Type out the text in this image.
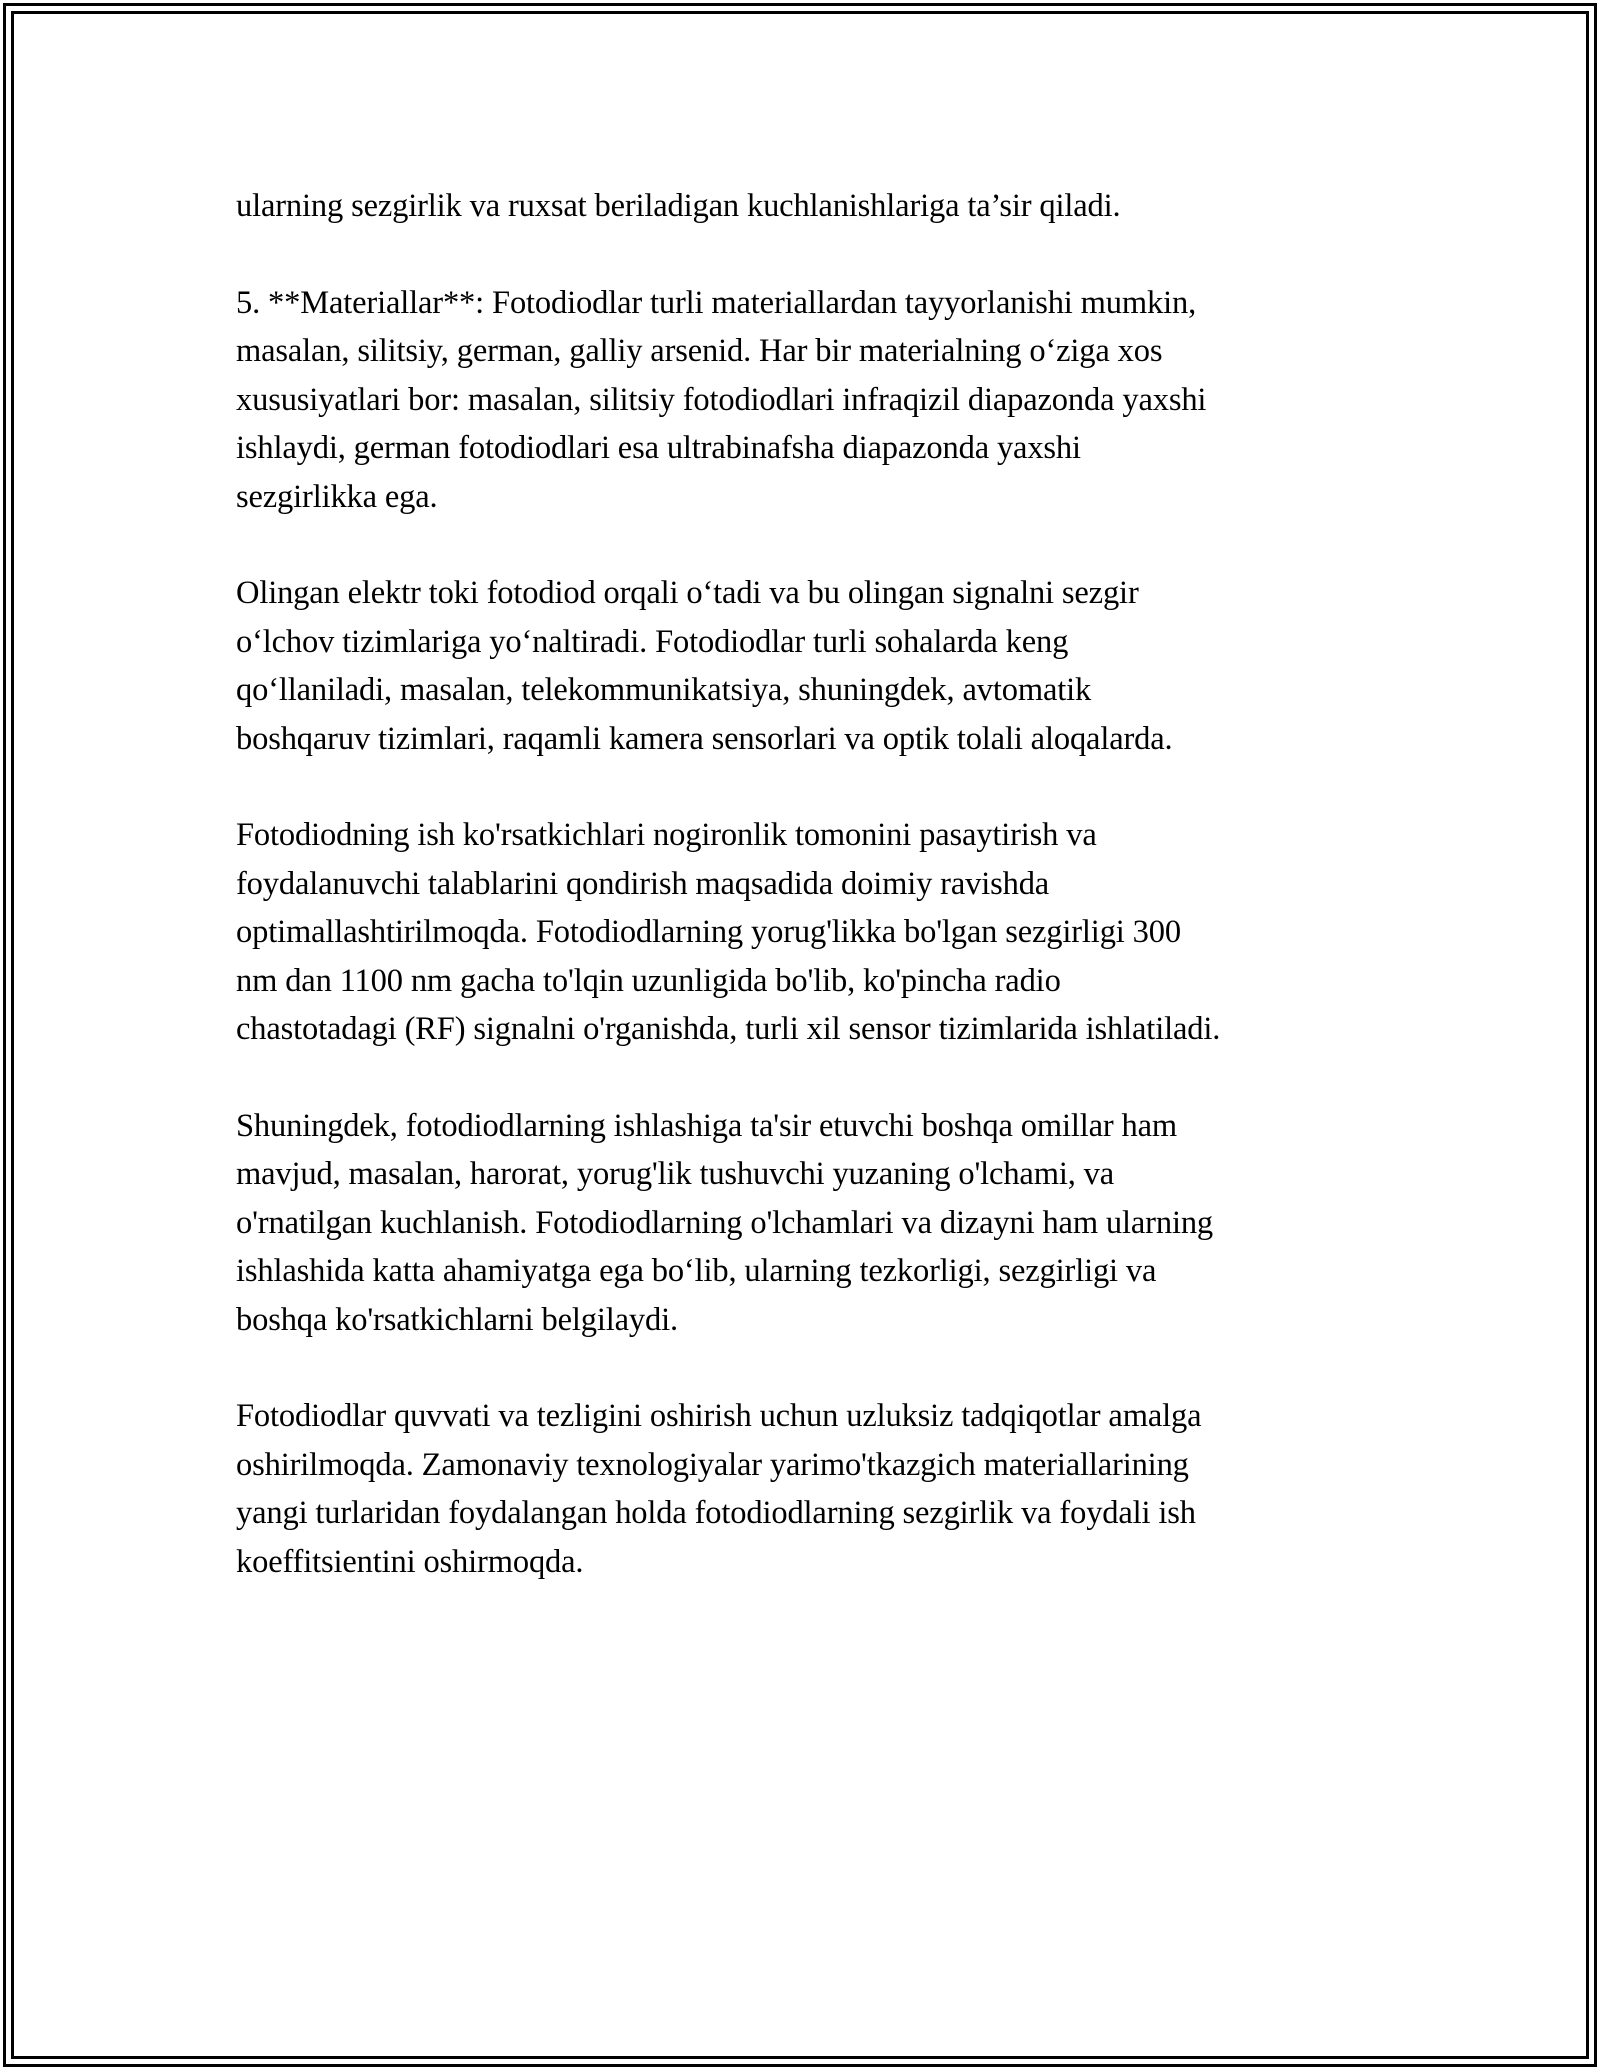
ularning sezgirlik va ruxsat beriladigan kuchlanishlariga ta’sir qiladi.

5. **Materiallar**: Fotodiodlar turli materiallardan tayyorlanishi mumkin,
masalan, silitsiy, german, galliy arsenid. Har bir materialning o‘ziga xos
xususiyatlari bor: masalan, silitsiy fotodiodlari infraqizil diapazonda yaxshi
ishlaydi, german fotodiodlari esa ultrabinafsha diapazonda yaxshi
sezgirlikka ega.

Olingan elektr toki fotodiod orqali o‘tadi va bu olingan signalni sezgir
o‘lchov tizimlariga yo‘naltiradi. Fotodiodlar turli sohalarda keng
qo‘llaniladi, masalan, telekommunikatsiya, shuningdek, avtomatik
boshqaruv tizimlari, raqamli kamera sensorlari va optik tolali aloqalarda.

Fotodiodning ish ko'rsatkichlari nogironlik tomonini pasaytirish va
foydalanuvchi talablarini qondirish maqsadida doimiy ravishda
optimallashtirilmoqda. Fotodiodlarning yorug'likka bo'lgan sezgirligi 300
nm dan 1100 nm gacha to'lqin uzunligida bo'lib, ko'pincha radio
chastotadagi (RF) signalni o'rganishda, turli xil sensor tizimlarida ishlatiladi.

Shuningdek, fotodiodlarning ishlashiga ta'sir etuvchi boshqa omillar ham
mavjud, masalan, harorat, yorug'lik tushuvchi yuzaning o'lchami, va
o'rnatilgan kuchlanish. Fotodiodlarning o'lchamlari va dizayni ham ularning
ishlashida katta ahamiyatga ega bo‘lib, ularning tezkorligi, sezgirligi va
boshqa ko'rsatkichlarni belgilaydi.

Fotodiodlar quvvati va tezligini oshirish uchun uzluksiz tadqiqotlar amalga
oshirilmoqda. Zamonaviy texnologiyalar yarimo'tkazgich materiallarining
yangi turlaridan foydalangan holda fotodiodlarning sezgirlik va foydali ish
koeffitsientini oshirmoqda.
